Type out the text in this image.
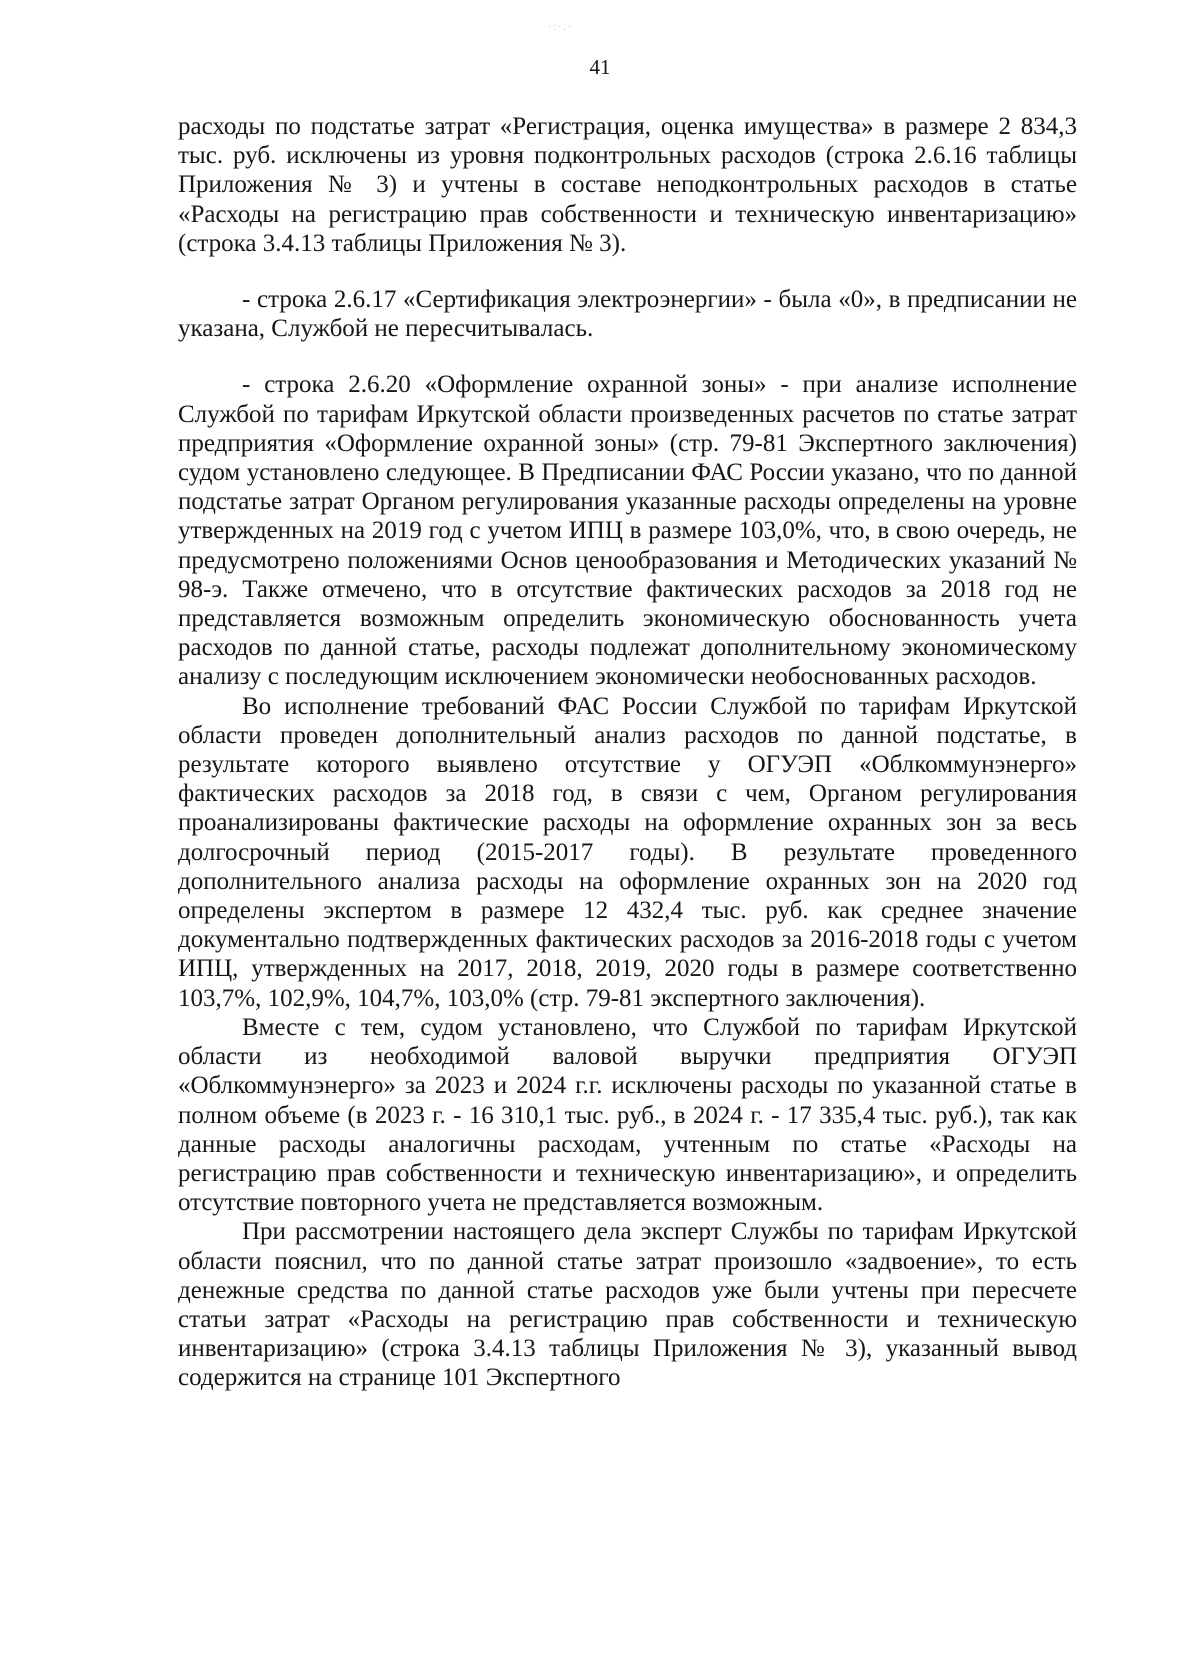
·:·.·
41

расходы по подстатье затрат «Регистрация, оценка имущества» в размере 2 834,3 тыс. руб. исключены из уровня подконтрольных расходов (строка 2.6.16 таблицы Приложения № 3) и учтены в составе неподконтрольных расходов в статье «Расходы на регистрацию прав собственности и техническую инвентаризацию» (строка 3.4.13 таблицы Приложения № 3).

- строка 2.6.17 «Сертификация электроэнергии» - была «0», в предписании не указана, Службой не пересчитывалась.

- строка 2.6.20 «Оформление охранной зоны» - при анализе исполнение Службой по тарифам Иркутской области произведенных расчетов по статье затрат предприятия «Оформление охранной зоны» (стр. 79-81 Экспертного заключения) судом установлено следующее. В Предписании ФАС России указано, что по данной подстатье затрат Органом регулирования указанные расходы определены на уровне утвержденных на 2019 год с учетом ИПЦ в размере 103,0%, что, в свою очередь, не предусмотрено положениями Основ ценообразования и Методических указаний № 98-э. Также отмечено, что в отсутствие фактических расходов за 2018 год не представляется возможным определить экономическую обоснованность учета расходов по данной статье, расходы подлежат дополнительному экономическому анализу с последующим исключением экономически необоснованных расходов.

Во исполнение требований ФАС России Службой по тарифам Иркутской области проведен дополнительный анализ расходов по данной подстатье, в результате которого выявлено отсутствие у ОГУЭП «Облкоммунэнерго» фактических расходов за 2018 год, в связи с чем, Органом регулирования проанализированы фактические расходы на оформление охранных зон за весь долгосрочный период (2015-2017 годы). В результате проведенного дополнительного анализа расходы на оформление охранных зон на 2020 год определены экспертом в размере 12 432,4 тыс. руб. как среднее значение документально подтвержденных фактических расходов за 2016-2018 годы с учетом ИПЦ, утвержденных на 2017, 2018, 2019, 2020 годы в размере соответственно 103,7%, 102,9%, 104,7%, 103,0% (стр. 79-81 экспертного заключения).

Вместе с тем, судом установлено, что Службой по тарифам Иркутской области из необходимой валовой выручки предприятия ОГУЭП «Облкоммунэнерго» за 2023 и 2024 г.г. исключены расходы по указанной статье в полном объеме (в 2023 г. - 16 310,1 тыс. руб., в 2024 г. - 17 335,4 тыс. руб.), так как данные расходы аналогичны расходам, учтенным по статье «Расходы на регистрацию прав собственности и техническую инвентаризацию», и определить отсутствие повторного учета не представляется возможным.

При рассмотрении настоящего дела эксперт Службы по тарифам Иркутской области пояснил, что по данной статье затрат произошло «задвоение», то есть денежные средства по данной статье расходов уже были учтены при пересчете статьи затрат «Расходы на регистрацию прав собственности и техническую инвентаризацию» (строка 3.4.13 таблицы Приложения № 3), указанный вывод содержится на странице 101 Экспертного
